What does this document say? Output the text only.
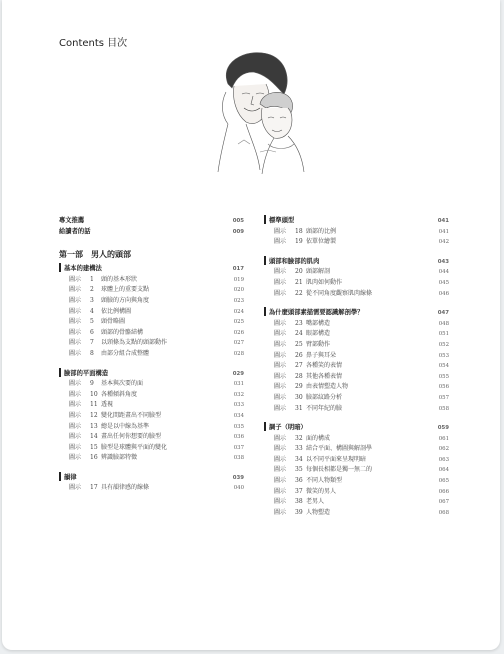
Contents 目次
專文推薦	005
給讀者的話	009
第一部　男人的頭部
基本的建構法	017
圖示 1 頭的基本形狀	019
圖示 2 球體上的重要支點	020
圖示 3 頭臉的方向與角度	023
圖示 4 依比例構圖	024
圖示 5 頭骨略圖	025
圖示 6 頭部的骨骼結構	026
圖示 7 以頸條為支點的頭部動作	027
圖示 8 由部分組合成整體	028
臉部的平面構造	029
圖示 9 基本與次要的面	031
圖示 10 各種傾斜角度	032
圖示 11 透視	033
圖示 12 變化間距畫出不同臉型	034
圖示 13 總是以中線為基準	035
圖示 14 畫出任何你想要的臉型	036
圖示 15 臉型是球體與平面的變化	037
圖示 16 辨識臉部特徵	038
韻律	039
圖示 17 具有韻律感的線條	040
標準頭型	041
圖示 18 頭部的比例	041
圖示 19 依單位繪製	042
頭部和臉部的肌肉	043
圖示 20 頭部解剖	044
圖示 21 肌肉如何動作	045
圖示 22 從不同角度觀察肌肉線條	046
為什麼頭部素描需要認識解剖學？	047
圖示 23 嘴部構造	048
圖示 24 眼部構造	051
圖示 25 臂部動作	052
圖示 26 鼻子與耳朵	053
圖示 27 各種笑的表情	054
圖示 28 其他各種表情	055
圖示 29 由表情塑造人物	056
圖示 30 臉部紋路分析	057
圖示 31 不同年紀的臉	058
調子（明暗）	059
圖示 32 面的構成	061
圖示 33 結合平面、構圖與解剖學	062
圖示 34 以不同平面來呈現明暗	063
圖示 35 每個長相都是獨一無二的	064
圖示 36 不同人物類型	065
圖示 37 微笑的男人	066
圖示 38 老男人	067
圖示 39 人物塑造	068
